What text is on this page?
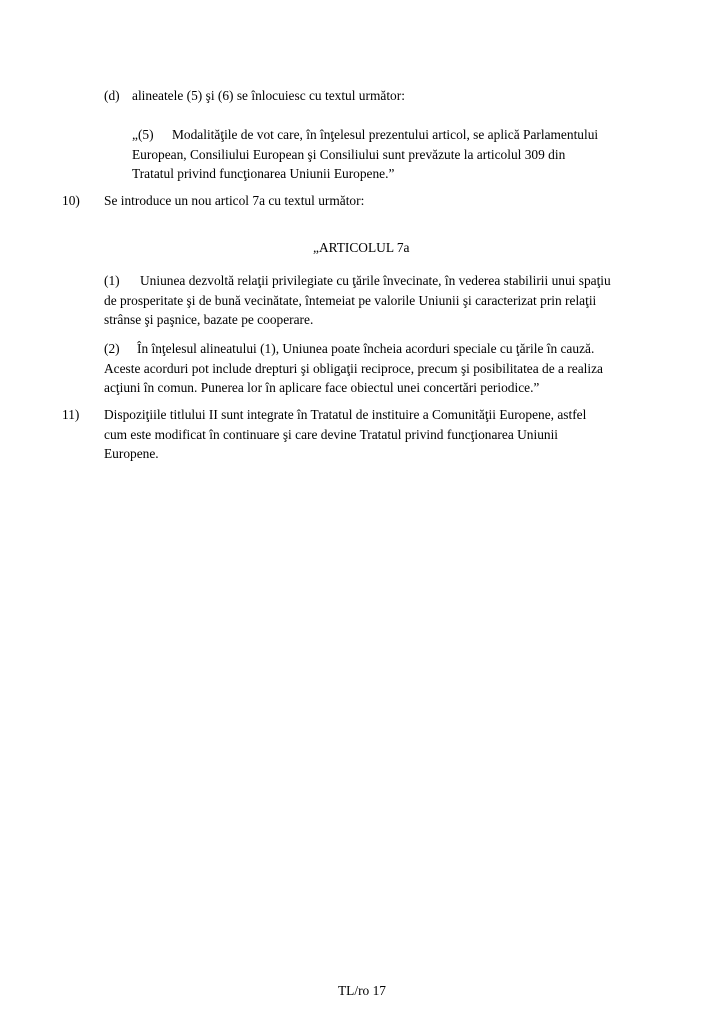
(d) alineatele (5) şi (6) se înlocuiesc cu textul următor:
„(5) Modalităţile de vot care, în înţelesul prezentului articol, se aplică Parlamentului
European, Consiliului European şi Consiliului sunt prevăzute la articolul 309 din
Tratatul privind funcţionarea Uniunii Europene.”
10) Se introduce un nou articol 7a cu textul următor:
„ARTICOLUL 7a
(1) Uniunea dezvoltă relaţii privilegiate cu ţările învecinate, în vederea stabilirii unui spaţiu
de prosperitate şi de bună vecinătate, întemeiat pe valorile Uniunii şi caracterizat prin relaţii
strânse şi paşnice, bazate pe cooperare.
(2) În înţelesul alineatului (1), Uniunea poate încheia acorduri speciale cu ţările în cauză.
Aceste acorduri pot include drepturi şi obligaţii reciproce, precum şi posibilitatea de a realiza
acţiuni în comun. Punerea lor în aplicare face obiectul unei concertări periodice.”
11) Dispoziţiile titlului II sunt integrate în Tratatul de instituire a Comunităţii Europene, astfel
cum este modificat în continuare şi care devine Tratatul privind funcţionarea Uniunii
Europene.
TL/ro 17
